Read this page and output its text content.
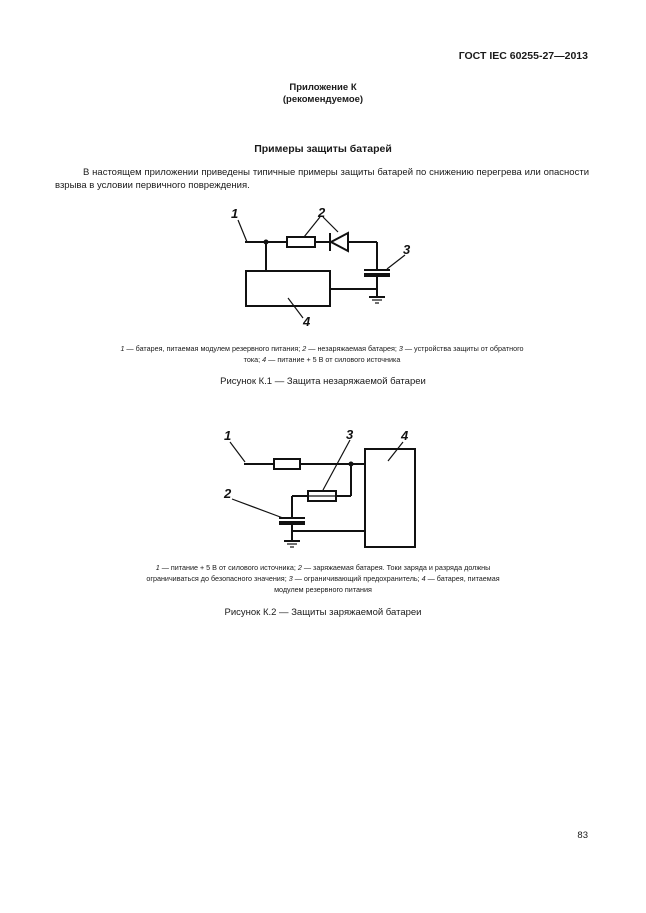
ГОСТ IEC 60255-27—2013
Приложение К
(рекомендуемое)
Примеры защиты батарей
В настоящем приложении приведены типичные примеры защиты батарей по снижению перегрева или опасности взрыва в условии первичного повреждения.
1	2
3
4
1 — батарея, питаемая модулем резервного питания; 2 — незаряжаемая батарея; 3 — устройства защиты от обратного тока; 4 — питание + 5 В от силового источника
Рисунок К.1 — Защита незаряжаемой батареи
1
2
3	4
1 — питание + 5 В от силового источника; 2 — заряжаемая батарея. Токи заряда и разряда должны ограничиваться до безопасного значения; 3 — ограничивающий предохранитель; 4 — батарея, питаемая модулем резервного питания
Рисунок К.2 — Защиты заряжаемой батареи
83
